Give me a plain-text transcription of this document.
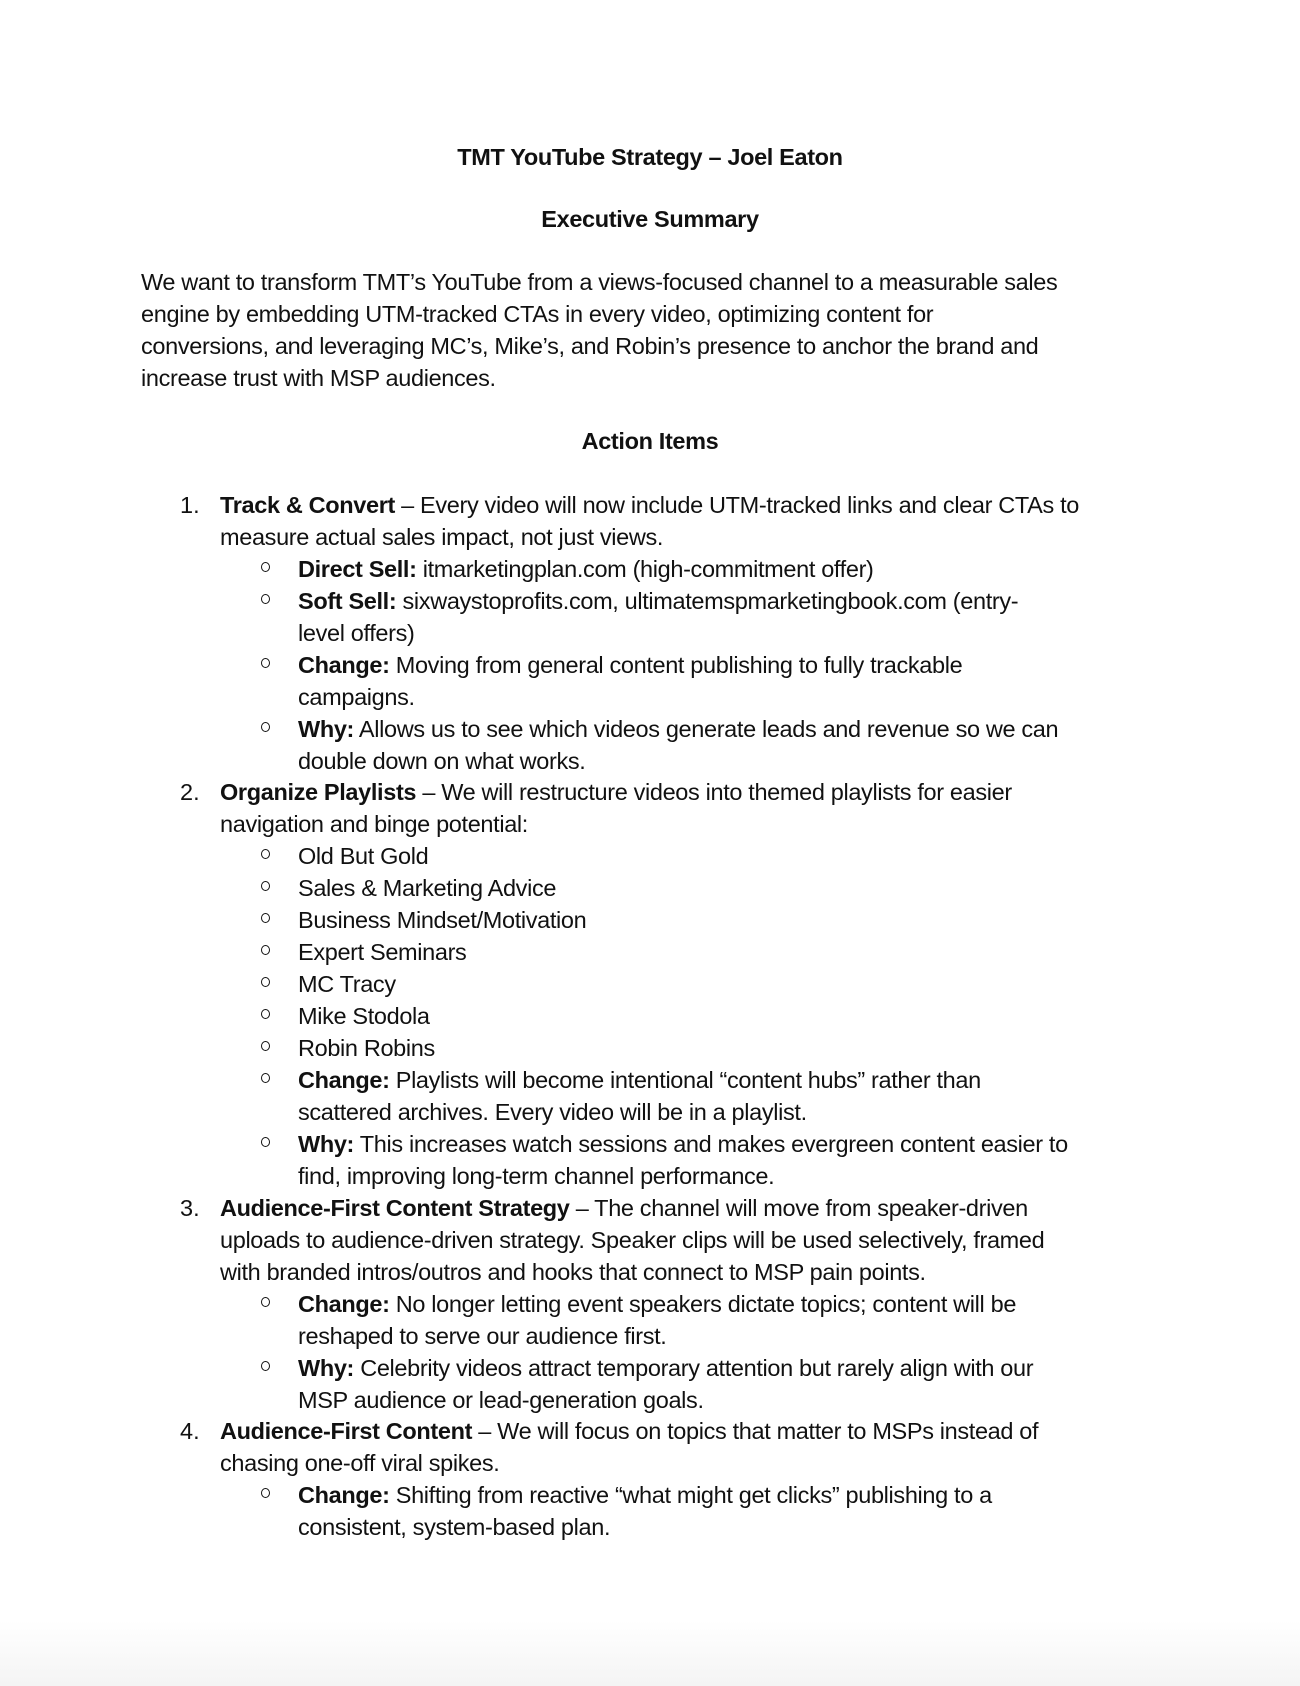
TMT YouTube Strategy – Joel Eaton
Executive Summary
We want to transform TMT’s YouTube from a views-focused channel to a measurable sales
engine by embedding UTM-tracked CTAs in every video, optimizing content for
conversions, and leveraging MC’s, Mike’s, and Robin’s presence to anchor the brand and
increase trust with MSP audiences.
Action Items
1. Track & Convert – Every video will now include UTM-tracked links and clear CTAs to
measure actual sales impact, not just views.
Direct Sell: itmarketingplan.com (high-commitment offer)
Soft Sell: sixwaystoprofits.com, ultimatemspmarketingbook.com (entry-
level offers)
Change: Moving from general content publishing to fully trackable
campaigns.
Why: Allows us to see which videos generate leads and revenue so we can
double down on what works.
2. Organize Playlists – We will restructure videos into themed playlists for easier
navigation and binge potential:
Old But Gold
Sales & Marketing Advice
Business Mindset/Motivation
Expert Seminars
MC Tracy
Mike Stodola
Robin Robins
Change: Playlists will become intentional “content hubs” rather than
scattered archives. Every video will be in a playlist.
Why: This increases watch sessions and makes evergreen content easier to
find, improving long-term channel performance.
3. Audience-First Content Strategy – The channel will move from speaker-driven
uploads to audience-driven strategy. Speaker clips will be used selectively, framed
with branded intros/outros and hooks that connect to MSP pain points.
Change: No longer letting event speakers dictate topics; content will be
reshaped to serve our audience first.
Why: Celebrity videos attract temporary attention but rarely align with our
MSP audience or lead-generation goals.
4. Audience-First Content – We will focus on topics that matter to MSPs instead of
chasing one-off viral spikes.
Change: Shifting from reactive “what might get clicks” publishing to a
consistent, system-based plan.
